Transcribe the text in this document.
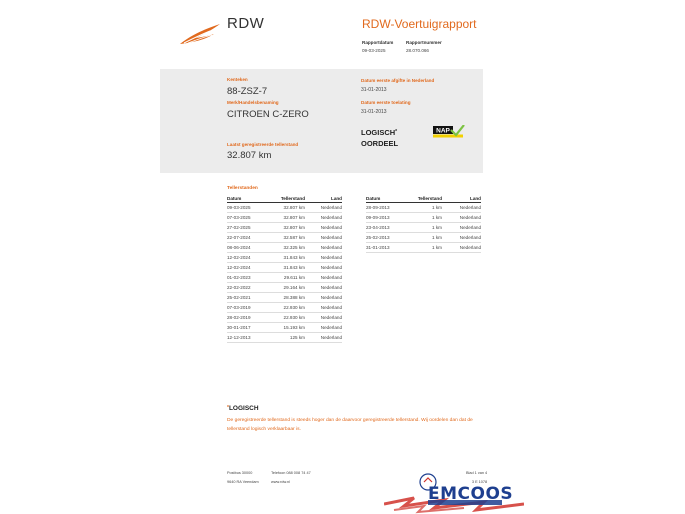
RDW	RDW-Voertuigrapport
Rapportdatum
09-03-2025
Rapportnummer
28.070.066
Kenteken
88-ZSZ-7
Merk/Handelsbenaming
CITROEN C-ZERO
Laatst geregistreerde tellerstand
32.807 km
Datum eerste afgifte in Nederland
31-01-2013
Datum eerste toelating
31-01-2013
LOGISCH*
OORDEEL
NAP
Tellerstanden
Datum	Tellerstand	Land
09-03-2025	32.807 km	Nederland
07-03-2025	32.807 km	Nederland
27-02-2025	32.807 km	Nederland
22-07-2024	32.587 km	Nederland
08-06-2024	32.325 km	Nederland
12-02-2024	31.843 km	Nederland
12-02-2024	31.843 km	Nederland
01-02-2023	29.611 km	Nederland
22-02-2022	29.164 km	Nederland
25-02-2021	28.388 km	Nederland
07-03-2019	22.930 km	Nederland
28-02-2019	22.930 km	Nederland
30-01-2017	15.193 km	Nederland
12-12-2013	125 km	Nederland
Datum	Tellerstand	Land
28-09-2013	1 km	Nederland
09-09-2013	1 km	Nederland
23-04-2013	1 km	Nederland
25-02-2013	1 km	Nederland
31-01-2013	1 km	Nederland
*LOGISCH
De geregistreerde tellerstand is steeds hoger dan de daarvoor geregistreerde tellerstand. Wij oordelen dan dat de tellerstand logisch verklaarbaar is.
Postbus 30000
9640 RA Veendam
Telefoon 088 008 74 47
www.rdw.nl
Blad 1 van 4
3 E 1078
EMCOOS
